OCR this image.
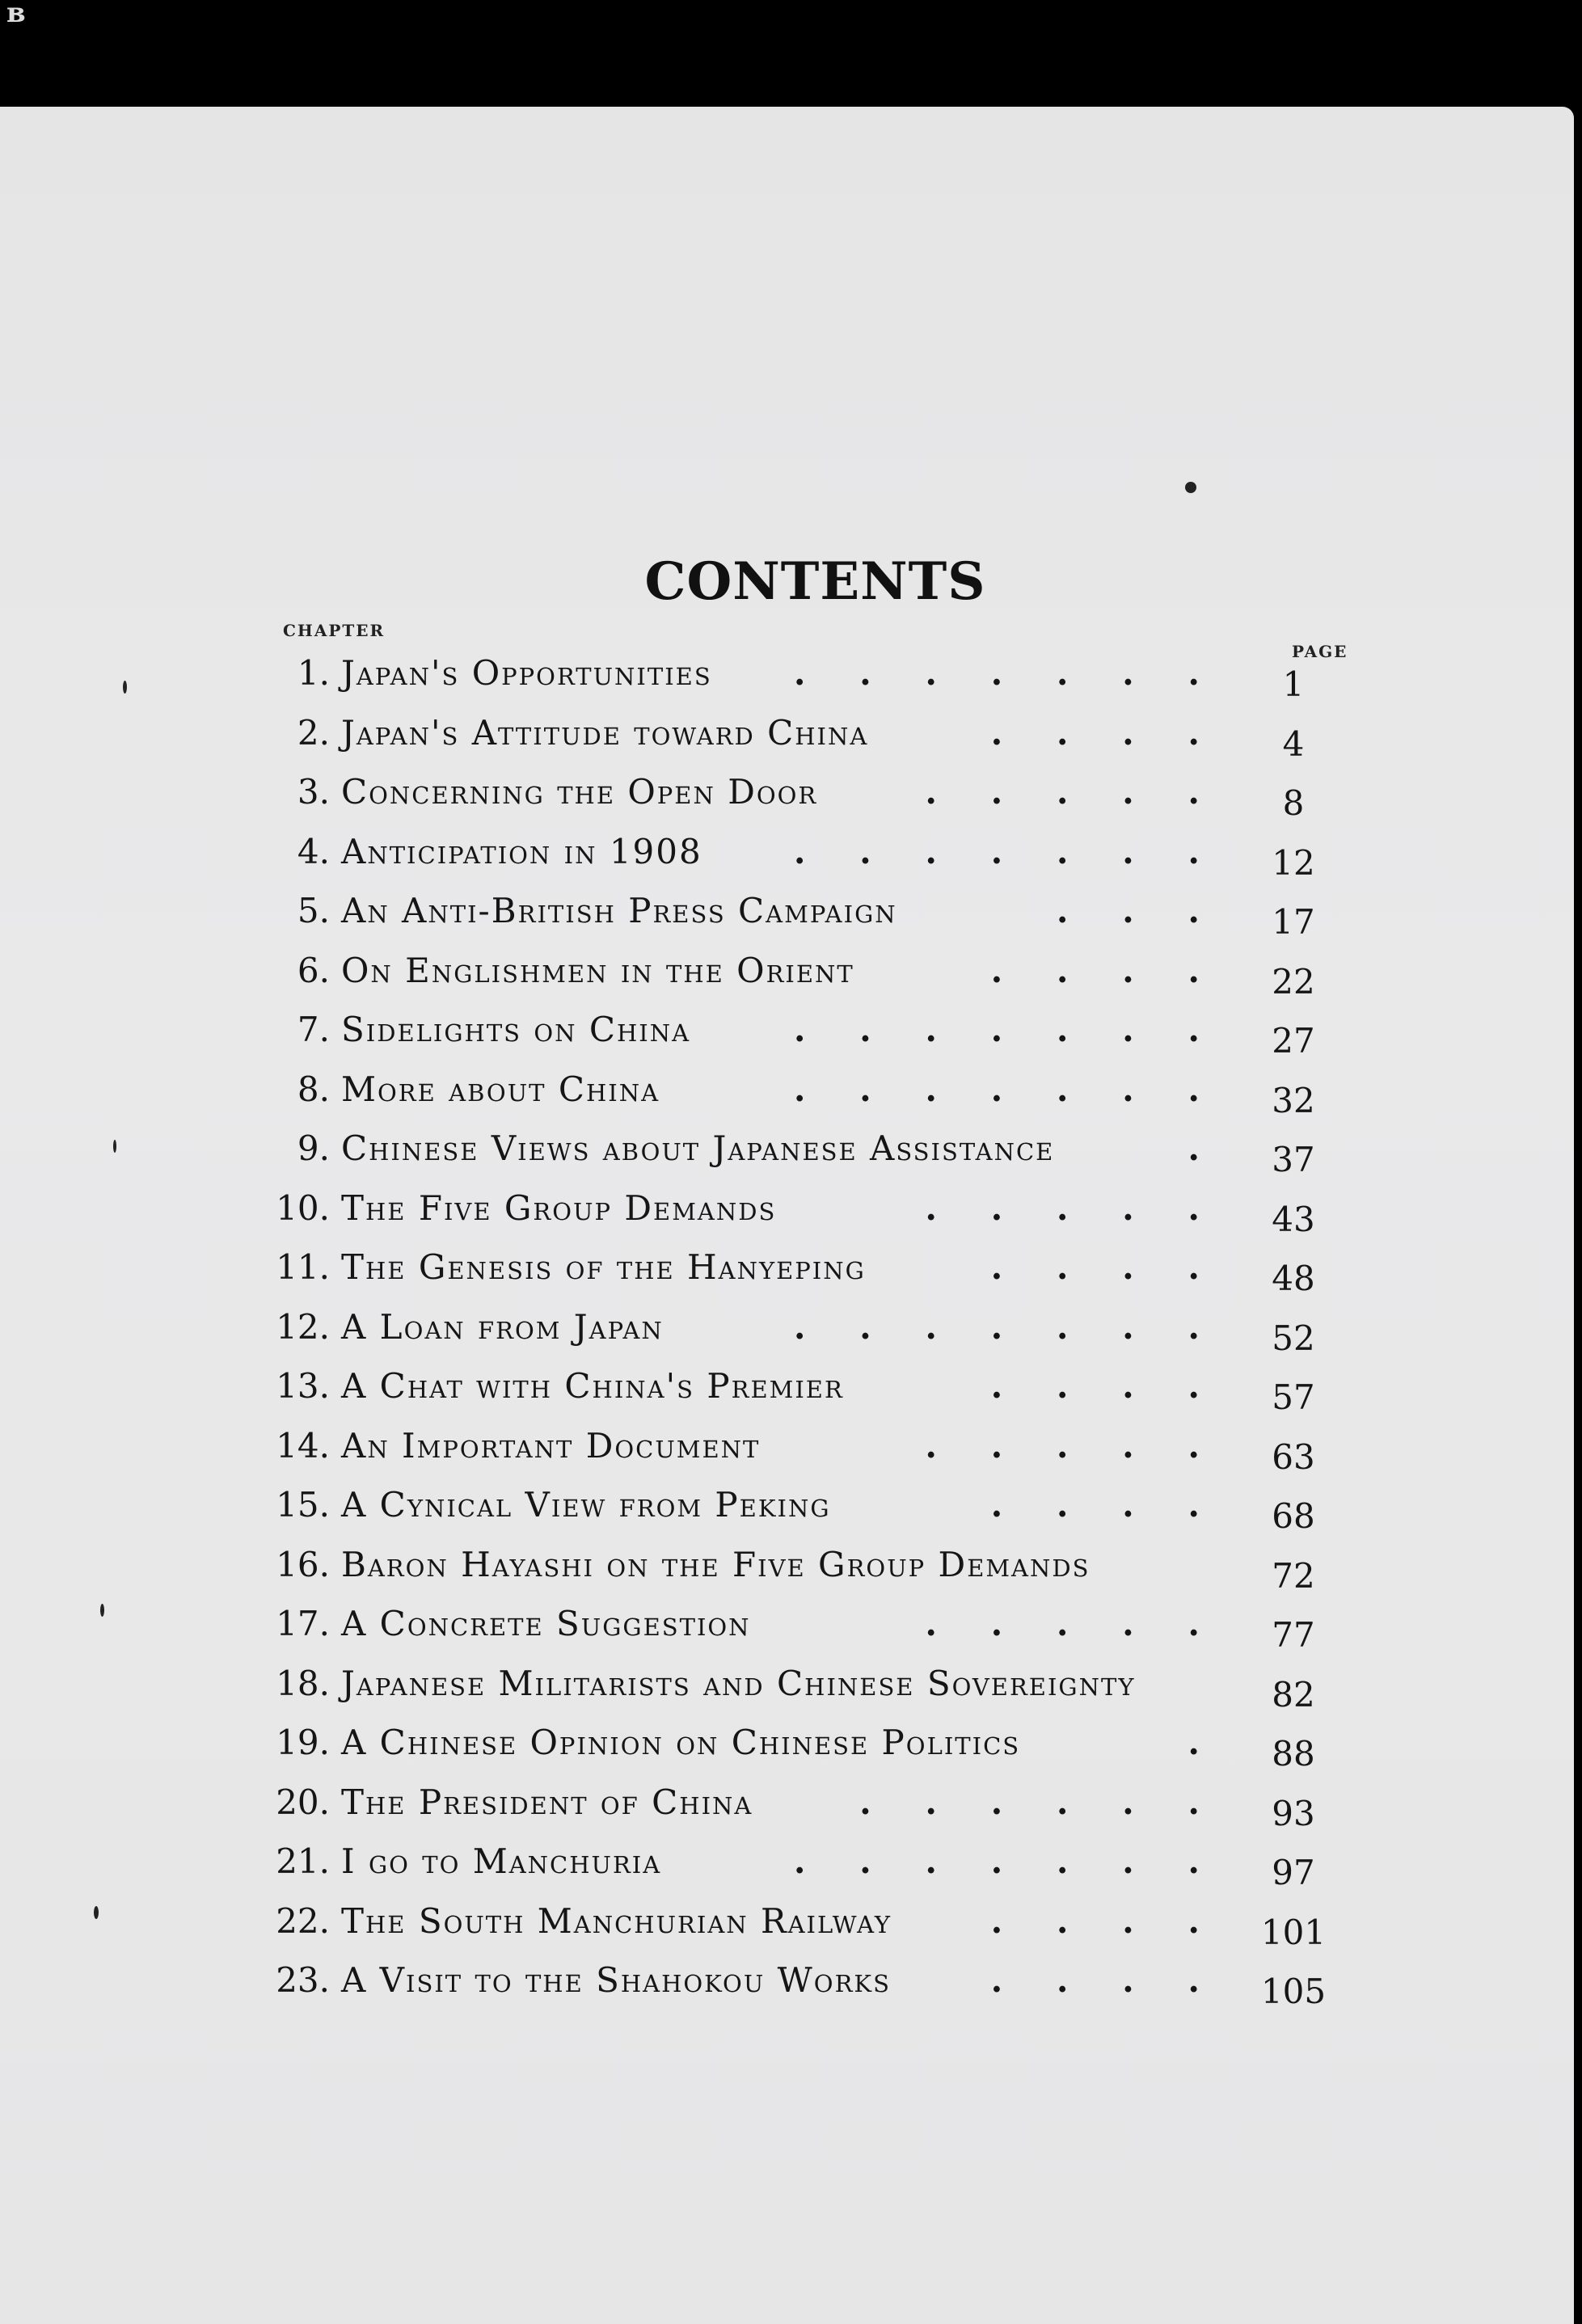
ʙ
CONTENTS
CHAPTER
PAGE
1. Japan's Opportunities . . . . . . .	1
2. Japan's Attitude toward China	. . . .	4
3. Concerning the Open Door	. . . . .	8
4. Anticipation in 1908	. . . . . . .	12
5. An Anti-British Press Campaign	. . .	17
6. On Englishmen in the Orient	. . . .	22
7. Sidelights on China	. . . . . . .	27
8. More about China	. . . . . . .	32
9. Chinese Views about Japanese Assistance	.	37
10. The Five Group Demands	. . . . .	43
11. The Genesis of the Hanyeping	. . . .	48
12. A Loan from Japan	. . . . . . .	52
13. A Chat with China's Premier	. . . .	57
14. An Important Document	. . . . .	63
15. A Cynical View from Peking	. . . .	68
16. Baron Hayashi on the Five Group Demands	72
17. A Concrete Suggestion	. . . . .	77
18. Japanese Militarists and Chinese Sovereignty	82
19. A Chinese Opinion on Chinese Politics	.	88
20. The President of China	. . . . . .	93
21. I go to Manchuria	. . . . . . .	97
22. The South Manchurian Railway	. . . .	101
23. A Visit to the Shahokou Works	. . . .	105
